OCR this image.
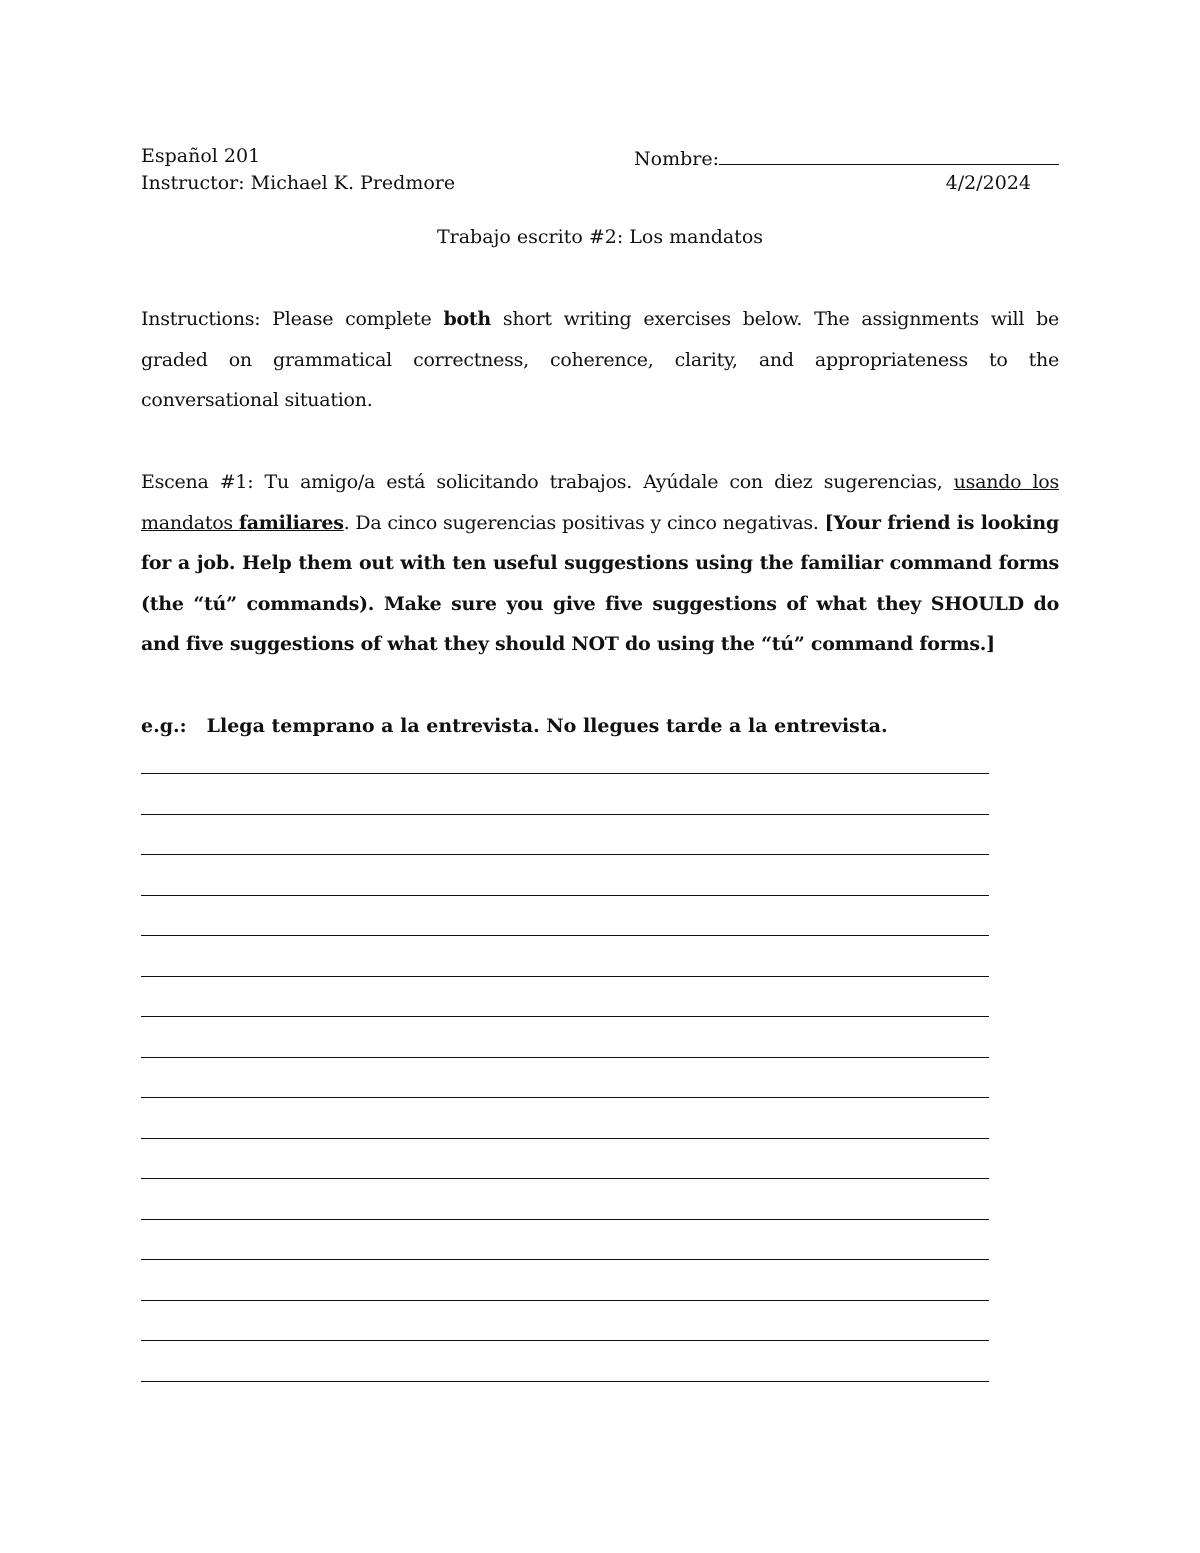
Español 201	Nombre:
Instructor: Michael K. Predmore	4/2/2024
Trabajo escrito #2: Los mandatos
Instructions: Please complete both short writing exercises below. The assignments will be graded on grammatical correctness, coherence, clarity, and appropriateness to the conversational situation.
Escena #1: Tu amigo/a está solicitando trabajos. Ayúdale con diez sugerencias, usando los mandatos familiares. Da cinco sugerencias positivas y cinco negativas. [Your friend is looking for a job. Help them out with ten useful suggestions using the familiar command forms (the “tú” commands). Make sure you give five suggestions of what they SHOULD do and five suggestions of what they should NOT do using the “tú” command forms.]
e.g.: Llega temprano a la entrevista. No llegues tarde a la entrevista.
